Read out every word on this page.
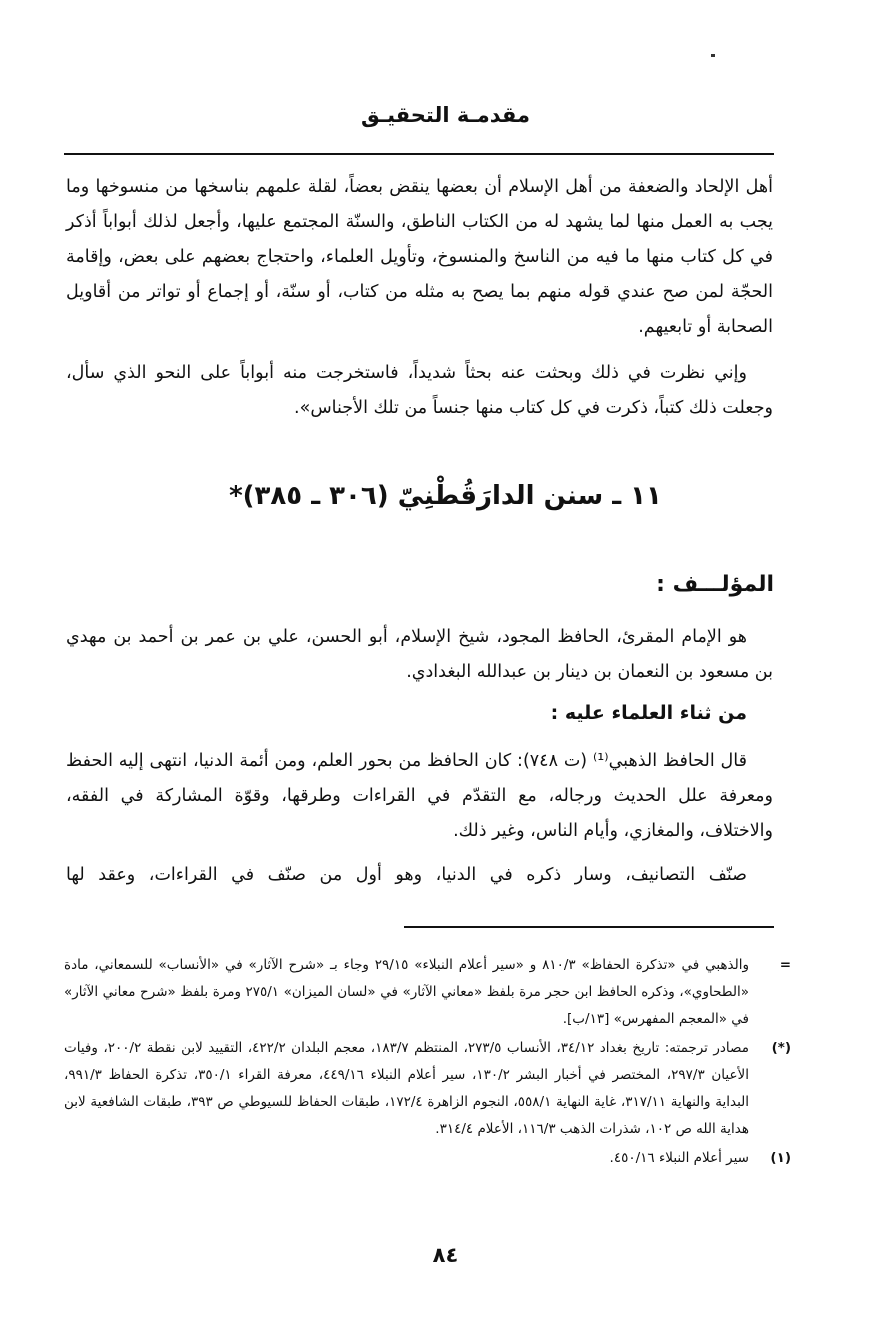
مقدمـة التحقيـق

أهل الإلحاد والضعفة من أهل الإسلام أن بعضها ينقض بعضاً، لقلة علمهم بناسخها من منسوخها وما يجب به العمل منها لما يشهد له من الكتاب الناطق، والسنّة المجتمع عليها، وأجعل لذلك أبواباً أذكر في كل كتاب منها ما فيه من الناسخ والمنسوخ، وتأويل العلماء، واحتجاج بعضهم على بعض، وإقامة الحجّة لمن صح عندي قوله منهم بما يصح به مثله من كتاب، أو سنّة، أو إجماع أو تواتر من أقاويل الصحابة أو تابعيهم.

وإني نظرت في ذلك وبحثت عنه بحثاً شديداً، فاستخرجت منه أبواباً على النحو الذي سأل، وجعلت ذلك كتباً، ذكرت في كل كتاب منها جنساً من تلك الأجناس».

١١ ـ سنن الدارَقُطْنِيّ (٣٠٦ ـ ٣٨٥)*
المؤلـــف :

هو الإمام المقرئ، الحافظ المجود، شيخ الإسلام، أبو الحسن، علي بن عمر بن أحمد بن مهدي بن مسعود بن النعمان بن دينار بن عبدالله البغدادي.

من ثناء العلماء عليه :

قال الحافظ الذهبي⁽¹⁾ (ت ٧٤٨): كان الحافظ من بحور العلم، ومن أئمة الدنيا، انتهى إليه الحفظ ومعرفة علل الحديث ورجاله، مع التقدّم في القراءات وطرقها، وقوّة المشاركة في الفقه، والاختلاف، والمغازي، وأيام الناس، وغير ذلك.

صنّف التصانيف، وسار ذكره في الدنيا، وهو أول من صنّف في القراءات، وعقد لها

=
والذهبي في «تذكرة الحفاظ» ٨١٠/٣ و «سير أعلام النبلاء» ٢٩/١٥ وجاء بـ «شرح الآثار» في «الأنساب» للسمعاني، مادة «الطحاوي»، وذكره الحافظ ابن حجر مرة بلفظ «معاني الآثار» في «لسان الميزان» ٢٧٥/١ ومرة بلفظ «شرح معاني الآثار» في «المعجم المفهرس» [١٣/ب].

(*)
مصادر ترجمته: تاريخ بغداد ٣٤/١٢، الأنساب ٢٧٣/٥، المنتظم ١٨٣/٧، معجم البلدان ٤٢٢/٢، التقييد لابن نقطة ٢٠٠/٢، وفيات الأعيان ٢٩٧/٣، المختصر في أخبار البشر ١٣٠/٢، سير أعلام النبلاء ٤٤٩/١٦، معرفة القراء ٣٥٠/١، تذكرة الحفاظ ٩٩١/٣، البداية والنهاية ٣١٧/١١، غاية النهاية ٥٥٨/١، النجوم الزاهرة ١٧٢/٤، طبقات الحفاظ للسيوطي ص ٣٩٣، طبقات الشافعية لابن هداية الله ص ١٠٢، شذرات الذهب ١١٦/٣، الأعلام ٣١٤/٤.

(١)
سير أعلام النبلاء ٤٥٠/١٦.

٨٤
